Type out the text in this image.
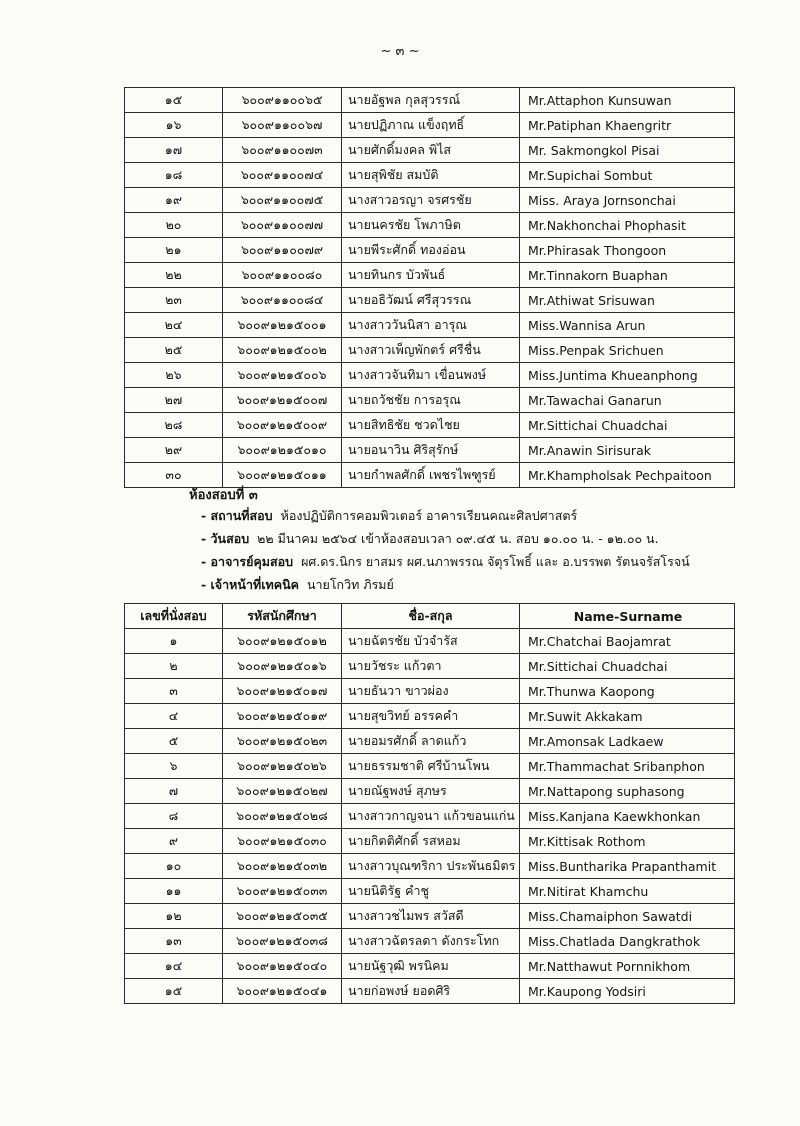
~ ๓ ~
๑๕	๖๐๐๙๑๑๐๐๖๕	นายอัฐพล กุลสุวรรณ์	Mr.Attaphon Kunsuwan
๑๖	๖๐๐๙๑๑๐๐๖๗	นายปฏิภาณ แข็งฤทธิ์	Mr.Patiphan Khaengritr
๑๗	๖๐๐๙๑๑๐๐๗๓	นายศักดิ์มงคล พิไส	Mr. Sakmongkol Pisai
๑๘	๖๐๐๙๑๑๐๐๗๔	นายสุพิชัย สมบัติ	Mr.Supichai Sombut
๑๙	๖๐๐๙๑๑๐๐๗๕	นางสาวอรญา จรศรชัย	Miss. Araya Jornsonchai
๒๐	๖๐๐๙๑๑๐๐๗๗	นายนครชัย โพภาษิต	Mr.Nakhonchai Phophasit
๒๑	๖๐๐๙๑๑๐๐๗๙	นายพีระศักดิ์ ทองอ่อน	Mr.Phirasak Thongoon
๒๒	๖๐๐๙๑๑๐๐๘๐	นายทินกร บัวพันธ์	Mr.Tinnakorn Buaphan
๒๓	๖๐๐๙๑๑๐๐๘๔	นายอธิวัฒน์ ศรีสุวรรณ	Mr.Athiwat Srisuwan
๒๔	๖๐๐๙๑๒๑๕๐๐๑	นางสาววันนิสา อารุณ	Miss.Wannisa Arun
๒๕	๖๐๐๙๑๒๑๕๐๐๒	นางสาวเพ็ญพักตร์ ศรีชื่น	Miss.Penpak Srichuen
๒๖	๖๐๐๙๑๒๑๕๐๐๖	นางสาวจันทิมา เขื่อนพงษ์	Miss.Juntima Khueanphong
๒๗	๖๐๐๙๑๒๑๕๐๐๗	นายถวัชชัย การอรุณ	Mr.Tawachai Ganarun
๒๘	๖๐๐๙๑๒๑๕๐๐๙	นายสิทธิชัย ชวดไชย	Mr.Sittichai Chuadchai
๒๙	๖๐๐๙๑๒๑๕๐๑๐	นายอนาวิน ศิริสุรักษ์	Mr.Anawin Sirisurak
๓๐	๖๐๐๙๑๒๑๕๐๑๑	นายกำพลศักดิ์ เพชรไพฑูรย์	Mr.Khampholsak Pechpaitoon
ห้องสอบที่ ๓
- สถานที่สอบ ห้องปฏิบัติการคอมพิวเตอร์ อาคารเรียนคณะศิลปศาสตร์
- วันสอบ ๒๒ มีนาคม ๒๕๖๔ เข้าห้องสอบเวลา ๐๙.๔๕ น. สอบ ๑๐.๐๐ น. - ๑๒.๐๐ น.
- อาจารย์คุมสอบ ผศ.ดร.นิกร ยาสมร ผศ.นภาพรรณ จัตุรโพธิ์ และ อ.บรรพต รัตนจรัสโรจน์
- เจ้าหน้าที่เทคนิค นายโกวิท ภิรมย์
เลขที่นั่งสอบ	รหัสนักศึกษา	ชื่อ-สกุล	Name-Surname
๑	๖๐๐๙๑๒๑๕๐๑๒	นายฉัตรชัย บัวจำรัส	Mr.Chatchai Baojamrat
๒	๖๐๐๙๑๒๑๕๐๑๖	นายวัชระ แก้วตา	Mr.Sittichai Chuadchai
๓	๖๐๐๙๑๒๑๕๐๑๗	นายธันวา ขาวผ่อง	Mr.Thunwa Kaopong
๔	๖๐๐๙๑๒๑๕๐๑๙	นายสุขวิทย์ อรรคคำ	Mr.Suwit Akkakam
๕	๖๐๐๙๑๒๑๕๐๒๓	นายอมรศักดิ์ ลาดแก้ว	Mr.Amonsak Ladkaew
๖	๖๐๐๙๑๒๑๕๐๒๖	นายธรรมชาติ ศรีบ้านโพน	Mr.Thammachat Sribanphon
๗	๖๐๐๙๑๒๑๕๐๒๗	นายณัฐพงษ์ สุภษร	Mr.Nattapong suphasong
๘	๖๐๐๙๑๒๑๕๐๒๘	นางสาวกาญจนา แก้วขอนแก่น	Miss.Kanjana Kaewkhonkan
๙	๖๐๐๙๑๒๑๕๐๓๐	นายกิตติศักดิ์ รสหอม	Mr.Kittisak Rothom
๑๐	๖๐๐๙๑๒๑๕๐๓๒	นางสาวบุณฑริกา ประพันธมิตร	Miss.Buntharika Prapanthamit
๑๑	๖๐๐๙๑๒๑๕๐๓๓	นายนิติรัฐ คำชู	Mr.Nitirat Khamchu
๑๒	๖๐๐๙๑๒๑๕๐๓๕	นางสาวชไมพร สวัสดี	Miss.Chamaiphon Sawatdi
๑๓	๖๐๐๙๑๒๑๕๐๓๘	นางสาวฉัตรลดา ดังกระโทก	Miss.Chatlada Dangkrathok
๑๔	๖๐๐๙๑๒๑๕๐๔๐	นายนัฐวุฒิ พรนิคม	Mr.Natthawut Pornnikhom
๑๕	๖๐๐๙๑๒๑๕๐๔๑	นายก่อพงษ์ ยอดศิริ	Mr.Kaupong Yodsiri
